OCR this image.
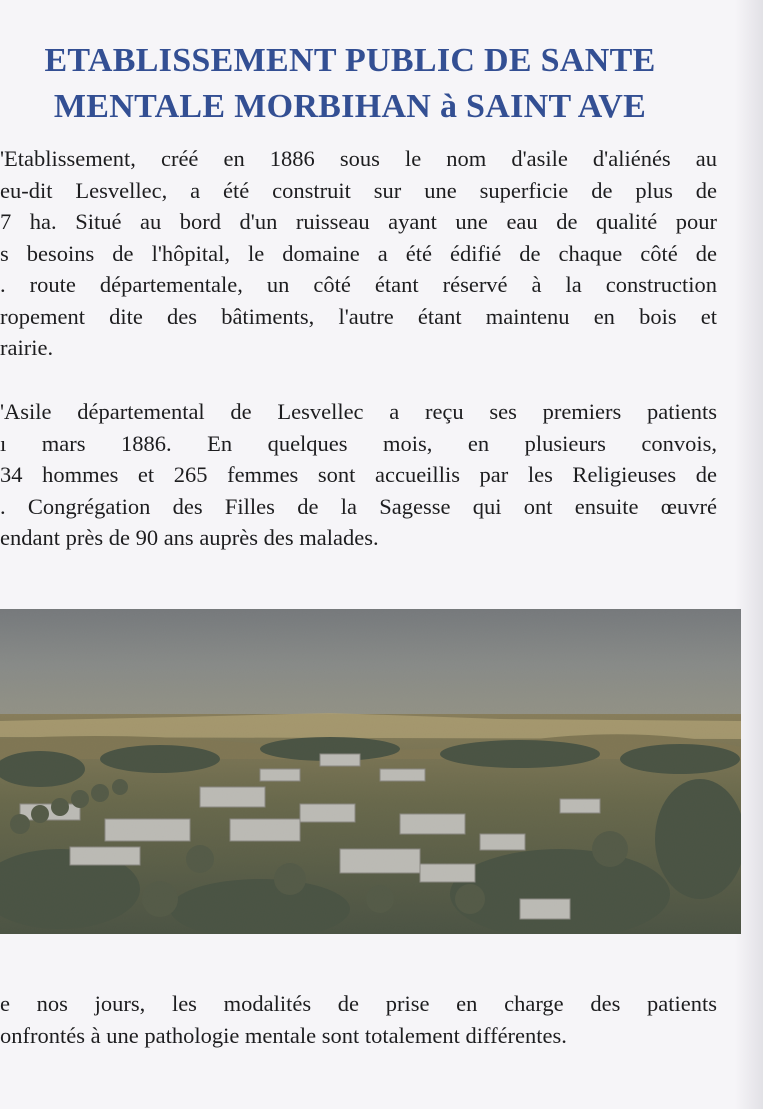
ETABLISSEMENT PUBLIC DE SANTE
MENTALE MORBIHAN à SAINT AVE
'Etablissement, créé en 1886 sous le nom d'asile d'aliénés au
eu-dit Lesvellec, a été construit sur une superficie de plus de
7 ha. Situé au bord d'un ruisseau ayant une eau de qualité pour
s besoins de l'hôpital, le domaine a été édifié de chaque côté de
. route départementale, un côté étant réservé à la construction
ropement dite des bâtiments, l'autre étant maintenu en bois et
rairie.
'Asile départemental de Lesvellec a reçu ses premiers patients
ı mars 1886. En quelques mois, en plusieurs convois,
34 hommes et 265 femmes sont accueillis par les Religieuses de
. Congrégation des Filles de la Sagesse qui ont ensuite œuvré
endant près de 90 ans auprès des malades.
e nos jours, les modalités de prise en charge des patients
onfrontés à une pathologie mentale sont totalement différentes.
